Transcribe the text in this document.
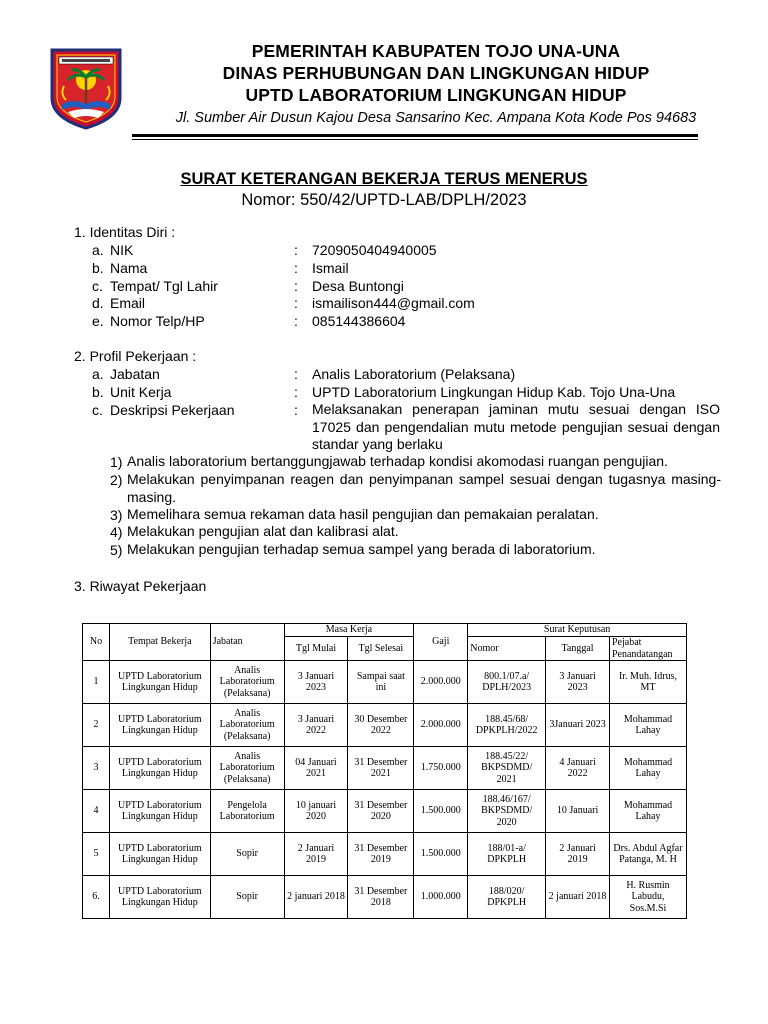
PEMERINTAH KABUPATEN TOJO UNA-UNA
DINAS PERHUBUNGAN DAN LINGKUNGAN HIDUP
UPTD LABORATORIUM LINGKUNGAN HIDUP
Jl. Sumber Air Dusun Kajou Desa Sansarino Kec. Ampana Kota Kode Pos 94683
SURAT KETERANGAN BEKERJA TERUS MENERUS
Nomor: 550/42/UPTD-LAB/DPLH/2023
1. Identitas Diri :
a. NIK	: 7209050404940005
b. Nama	: Ismail
c. Tempat/ Tgl Lahir	: Desa Buntongi
d. Email	: ismailison444@gmail.com
e. Nomor Telp/HP	: 085144386604
2. Profil Pekerjaan :
a. Jabatan	: Analis Laboratorium (Pelaksana)
b. Unit Kerja	: UPTD Laboratorium Lingkungan Hidup Kab. Tojo Una-Una
c. Deskripsi Pekerjaan	: Melaksanakan penerapan jaminan mutu sesuai dengan ISO 17025 dan pengendalian mutu metode pengujian sesuai dengan standar yang berlaku
1) Analis laboratorium bertanggungjawab terhadap kondisi akomodasi ruangan pengujian.
2) Melakukan penyimpanan reagen dan penyimpanan sampel sesuai dengan tugasnya masing-masing.
3) Memelihara semua rekaman data hasil pengujian dan pemakaian peralatan.
4) Melakukan pengujian alat dan kalibrasi alat.
5) Melakukan pengujian terhadap semua sampel yang berada di laboratorium.
3. Riwayat Pekerjaan
No	Tempat Bekerja	Jabatan	Masa Kerja		Gaji	Surat Keputusan		
			Tgl Mulai	Tgl Selesai		Nomor	Tanggal	Pejabat Penandatangan
1	UPTD Laboratorium Lingkungan Hidup	Analis Laboratorium (Pelaksana)	3 Januari 2023	Sampai saat ini	2.000.000	800.1/07.a/ DPLH/2023	3 Januari 2023	Ir. Muh. Idrus, MT
2	UPTD Laboratorium Lingkungan Hidup	Analis Laboratorium (Pelaksana)	3 Januari 2022	30 Desember 2022	2.000.000	188.45/68/ DPKPLH/2022	3Januari 2023	Mohammad Lahay
3	UPTD Laboratorium Lingkungan Hidup	Analis Laboratorium (Pelaksana)	04 Januari 2021	31 Desember 2021	1.750.000	188.45/22/ BKPSDMD/ 2021	4 Januari 2022	Mohammad Lahay
4	UPTD Laboratorium Lingkungan Hidup	Pengelola Laboratorium	10 januari 2020	31 Desember 2020	1.500.000	188.46/167/ BKPSDMD/ 2020	10 Januari	Mohammad Lahay
5	UPTD Laboratorium Lingkungan Hidup	Sopir	2 Januari 2019	31 Desember 2019	1.500.000	188/01-a/ DPKPLH	2 Januari 2019	Drs. Abdul Agfar Patanga, M. H
6.	UPTD Laboratorium Lingkungan Hidup	Sopir	2 januari 2018	31 Desember 2018	1.000.000	188/020/ DPKPLH	2 januari 2018	H. Rusmin Labudu, Sos.M.Si
